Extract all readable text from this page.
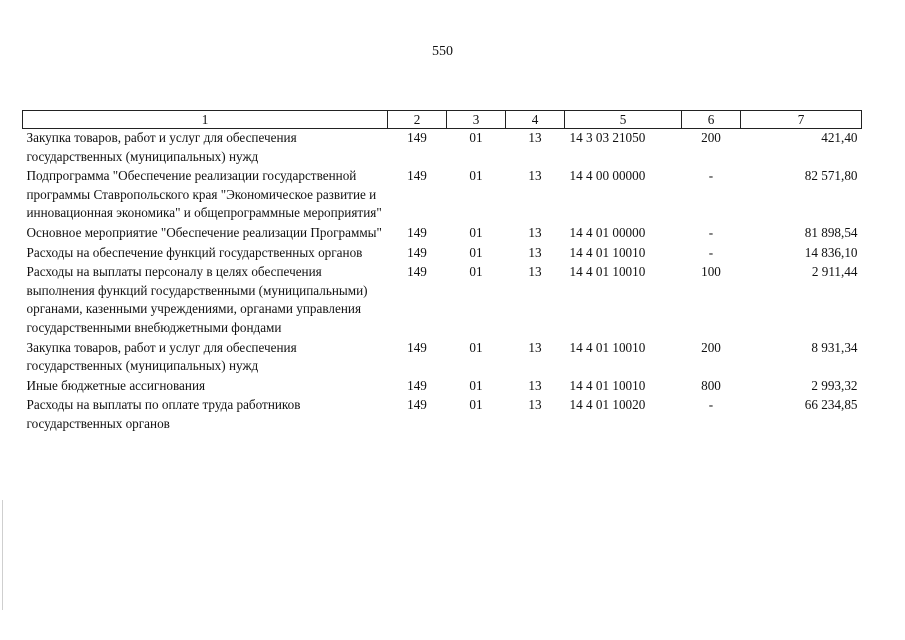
550
1	2	3	4	5	6	7
Закупка товаров, работ и услуг для обеспечения государственных (муниципальных) нужд	149	01	13	14 3 03 21050	200	421,40
Подпрограмма "Обеспечение реализации государственной программы Ставропольского края "Экономическое развитие и инновационная экономика" и общепрограммные мероприятия"	149	01	13	14 4 00 00000	-	82 571,80
Основное мероприятие "Обеспечение реализации Программы"	149	01	13	14 4 01 00000	-	81 898,54
Расходы на обеспечение функций государственных органов	149	01	13	14 4 01 10010	-	14 836,10
Расходы на выплаты персоналу в целях обеспечения выполнения функций государственными (муниципальными) органами, казенными учреждениями, органами управления государственными внебюджетными фондами	149	01	13	14 4 01 10010	100	2 911,44
Закупка товаров, работ и услуг для обеспечения государственных (муниципальных) нужд	149	01	13	14 4 01 10010	200	8 931,34
Иные бюджетные ассигнования	149	01	13	14 4 01 10010	800	2 993,32
Расходы на выплаты по оплате труда работников государственных органов	149	01	13	14 4 01 10020	-	66 234,85
